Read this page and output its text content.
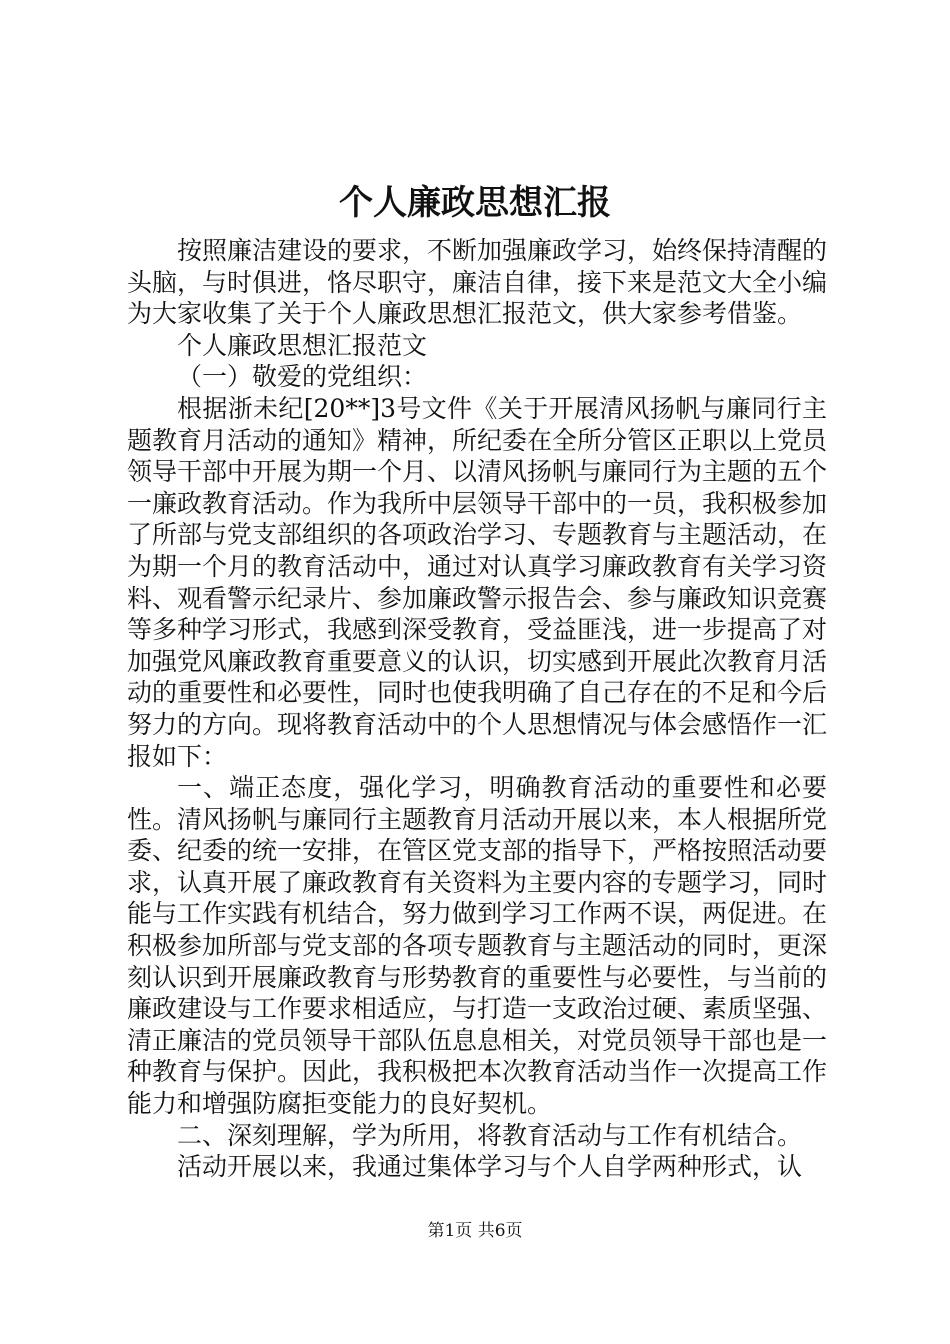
个人廉政思想汇报

按照廉洁建设的要求，不断加强廉政学习，始终保持清醒的头脑，与时俱进，恪尽职守，廉洁自律，接下来是范文大全小编为大家收集了关于个人廉政思想汇报范文，供大家参考借鉴。

个人廉政思想汇报范文

（一）敬爱的党组织：

根据浙未纪[20**]3号文件《关于开展清风扬帆与廉同行主题教育月活动的通知》精神，所纪委在全所分管区正职以上党员领导干部中开展为期一个月、以清风扬帆与廉同行为主题的五个一廉政教育活动。作为我所中层领导干部中的一员，我积极参加了所部与党支部组织的各项政治学习、专题教育与主题活动，在为期一个月的教育活动中，通过对认真学习廉政教育有关学习资料、观看警示纪录片、参加廉政警示报告会、参与廉政知识竞赛等多种学习形式，我感到深受教育，受益匪浅，进一步提高了对加强党风廉政教育重要意义的认识，切实感到开展此次教育月活动的重要性和必要性，同时也使我明确了自己存在的不足和今后努力的方向。现将教育活动中的个人思想情况与体会感悟作一汇报如下：

一、端正态度，强化学习，明确教育活动的重要性和必要性。清风扬帆与廉同行主题教育月活动开展以来，本人根据所党委、纪委的统一安排，在管区党支部的指导下，严格按照活动要求，认真开展了廉政教育有关资料为主要内容的专题学习，同时能与工作实践有机结合，努力做到学习工作两不误，两促进。在积极参加所部与党支部的各项专题教育与主题活动的同时，更深刻认识到开展廉政教育与形势教育的重要性与必要性，与当前的廉政建设与工作要求相适应，与打造一支政治过硬、素质坚强、清正廉洁的党员领导干部队伍息息相关，对党员领导干部也是一种教育与保护。因此，我积极把本次教育活动当作一次提高工作能力和增强防腐拒变能力的良好契机。

二、深刻理解，学为所用，将教育活动与工作有机结合。

活动开展以来，我通过集体学习与个人自学两种形式，认

第1页 共6页
